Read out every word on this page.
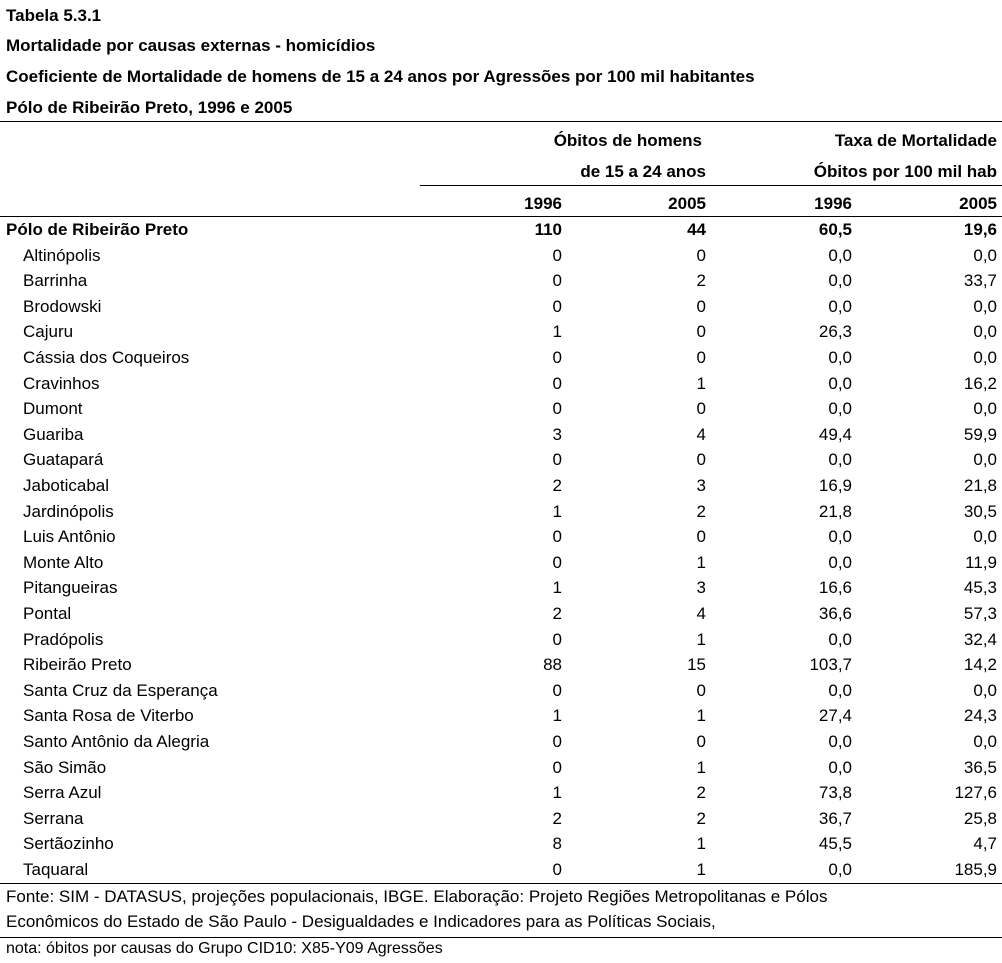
Tabela 5.3.1
Mortalidade por causas externas - homicídios
Coeficiente de Mortalidade de homens de 15 a 24 anos por Agressões por 100 mil habitantes
Pólo de Ribeirão Preto, 1996 e 2005
Óbitos de homens
de 15 a 24 anos
Taxa de Mortalidade
Óbitos por 100 mil hab
1996	2005	1996	2005
Pólo de Ribeirão Preto	110	44	60,5	19,6
Altinópolis	0	0	0,0	0,0
Barrinha	0	2	0,0	33,7
Brodowski	0	0	0,0	0,0
Cajuru	1	0	26,3	0,0
Cássia dos Coqueiros	0	0	0,0	0,0
Cravinhos	0	1	0,0	16,2
Dumont	0	0	0,0	0,0
Guariba	3	4	49,4	59,9
Guatapará	0	0	0,0	0,0
Jaboticabal	2	3	16,9	21,8
Jardinópolis	1	2	21,8	30,5
Luis Antônio	0	0	0,0	0,0
Monte Alto	0	1	0,0	11,9
Pitangueiras	1	3	16,6	45,3
Pontal	2	4	36,6	57,3
Pradópolis	0	1	0,0	32,4
Ribeirão Preto	88	15	103,7	14,2
Santa Cruz da Esperança	0	0	0,0	0,0
Santa Rosa de Viterbo	1	1	27,4	24,3
Santo Antônio da Alegria	0	0	0,0	0,0
São Simão	0	1	0,0	36,5
Serra Azul	1	2	73,8	127,6
Serrana	2	2	36,7	25,8
Sertãozinho	8	1	45,5	4,7
Taquaral	0	1	0,0	185,9
Fonte: SIM - DATASUS, projeções populacionais, IBGE. Elaboração: Projeto Regiões Metropolitanas e Pólos
Econômicos do Estado de São Paulo - Desigualdades e Indicadores para as Políticas Sociais,
nota: óbitos por causas do Grupo CID10: X85-Y09 Agressões
